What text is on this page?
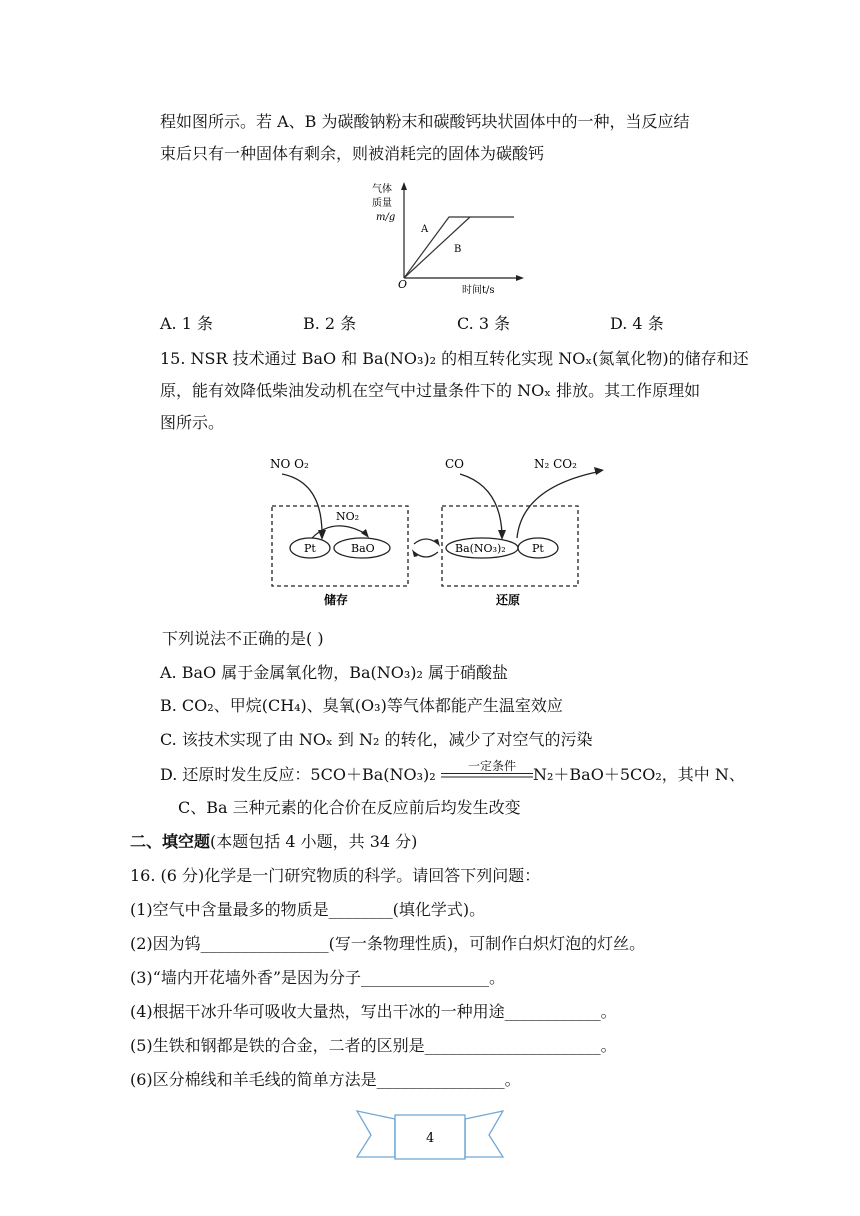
程如图所示。若 A、B 为碳酸钠粉末和碳酸钙块状固体中的一种，当反应结
束后只有一种固体有剩余，则被消耗完的固体为碳酸钙
气体
质量
m/g
A
B
O	时间t/s
A. 1 条	B. 2 条	C. 3 条	D. 4 条
15. NSR 技术通过 BaO 和 Ba(NO₃)₂ 的相互转化实现 NOₓ(氮氧化物)的储存和还
原，能有效降低柴油发动机在空气中过量条件下的 NOₓ 排放。其工作原理如
图所示。
NO O₂
NO₂
Pt	BaO
储存
CO	N₂ CO₂
Ba(NO₃)₂ Pt
还原
下列说法不正确的是( )
A. BaO 属于金属氧化物，Ba(NO₃)₂ 属于硝酸盐
B. CO₂、甲烷(CH₄)、臭氧(O₃)等气体都能产生温室效应
C. 该技术实现了由 NOₓ 到 N₂ 的转化，减少了对空气的污染
D. 还原时发生反应：5CO＋Ba(NO₃)₂	一定条件 N₂＋BaO＋5CO₂，其中 N、
C、Ba 三种元素的化合价在反应前后均发生改变
二、填空题(本题包括 4 小题，共 34 分)
16. (6 分)化学是一门研究物质的科学。请回答下列问题：
(1)空气中含量最多的物质是________(填化学式)。
(2)因为钨________________(写一条物理性质)，可制作白炽灯泡的灯丝。
(3)“墙内开花墙外香”是因为分子________________。
(4)根据干冰升华可吸收大量热，写出干冰的一种用途____________。
(5)生铁和钢都是铁的合金，二者的区别是______________________。
(6)区分棉线和羊毛线的简单方法是________________。
4
